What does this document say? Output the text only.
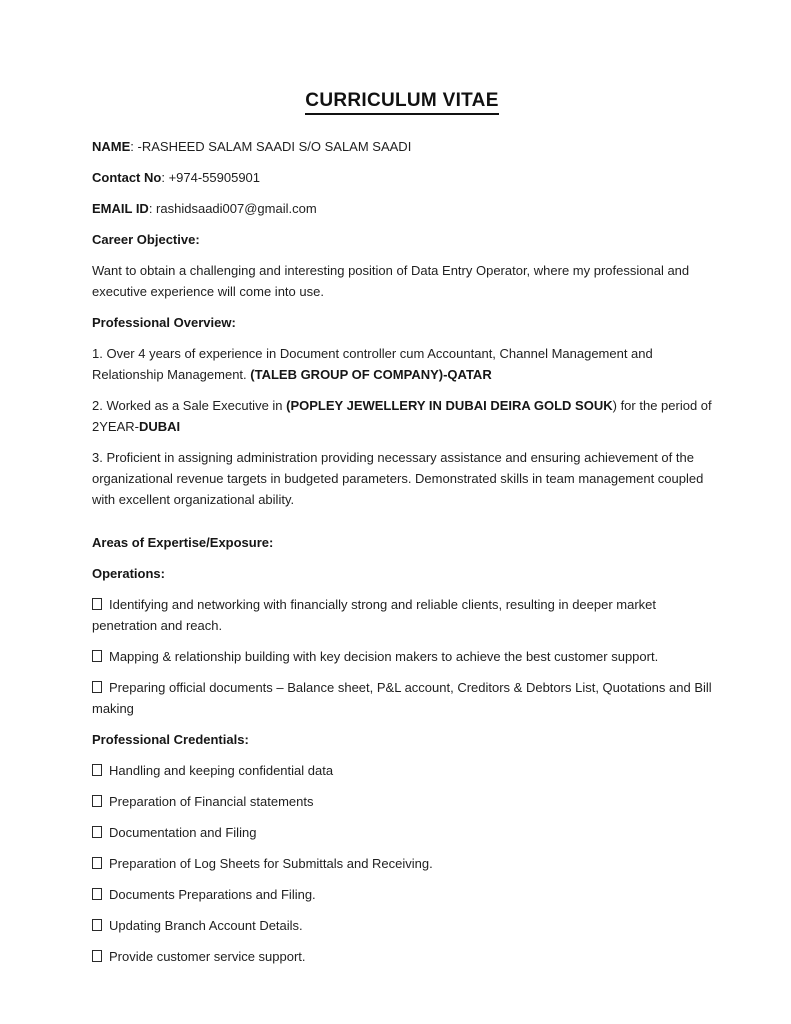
CURRICULUM VITAE

NAME: -RASHEED SALAM SAADI S/O SALAM SAADI

Contact No: +974-55905901

EMAIL ID: rashidsaadi007@gmail.com

Career Objective:

Want to obtain a challenging and interesting position of Data Entry Operator, where my professional and executive experience will come into use.

Professional Overview:

1. Over 4 years of experience in Document controller cum Accountant, Channel Management and Relationship Management. (TALEB GROUP OF COMPANY)-QATAR

2. Worked as a Sale Executive in (POPLEY JEWELLERY IN DUBAI DEIRA GOLD SOUK) for the period of 2YEAR-DUBAI

3. Proficient in assigning administration providing necessary assistance and ensuring achievement of the organizational revenue targets in budgeted parameters. Demonstrated skills in team management coupled with excellent organizational ability.

Areas of Expertise/Exposure:

Operations:

Identifying and networking with financially strong and reliable clients, resulting in deeper market penetration and reach.

Mapping & relationship building with key decision makers to achieve the best customer support.

Preparing official documents – Balance sheet, P&L account, Creditors & Debtors List, Quotations and Bill making

Professional Credentials:

Handling and keeping confidential data

Preparation of Financial statements

Documentation and Filing

Preparation of Log Sheets for Submittals and Receiving.

Documents Preparations and Filing.

Updating Branch Account Details.

Provide customer service support.
